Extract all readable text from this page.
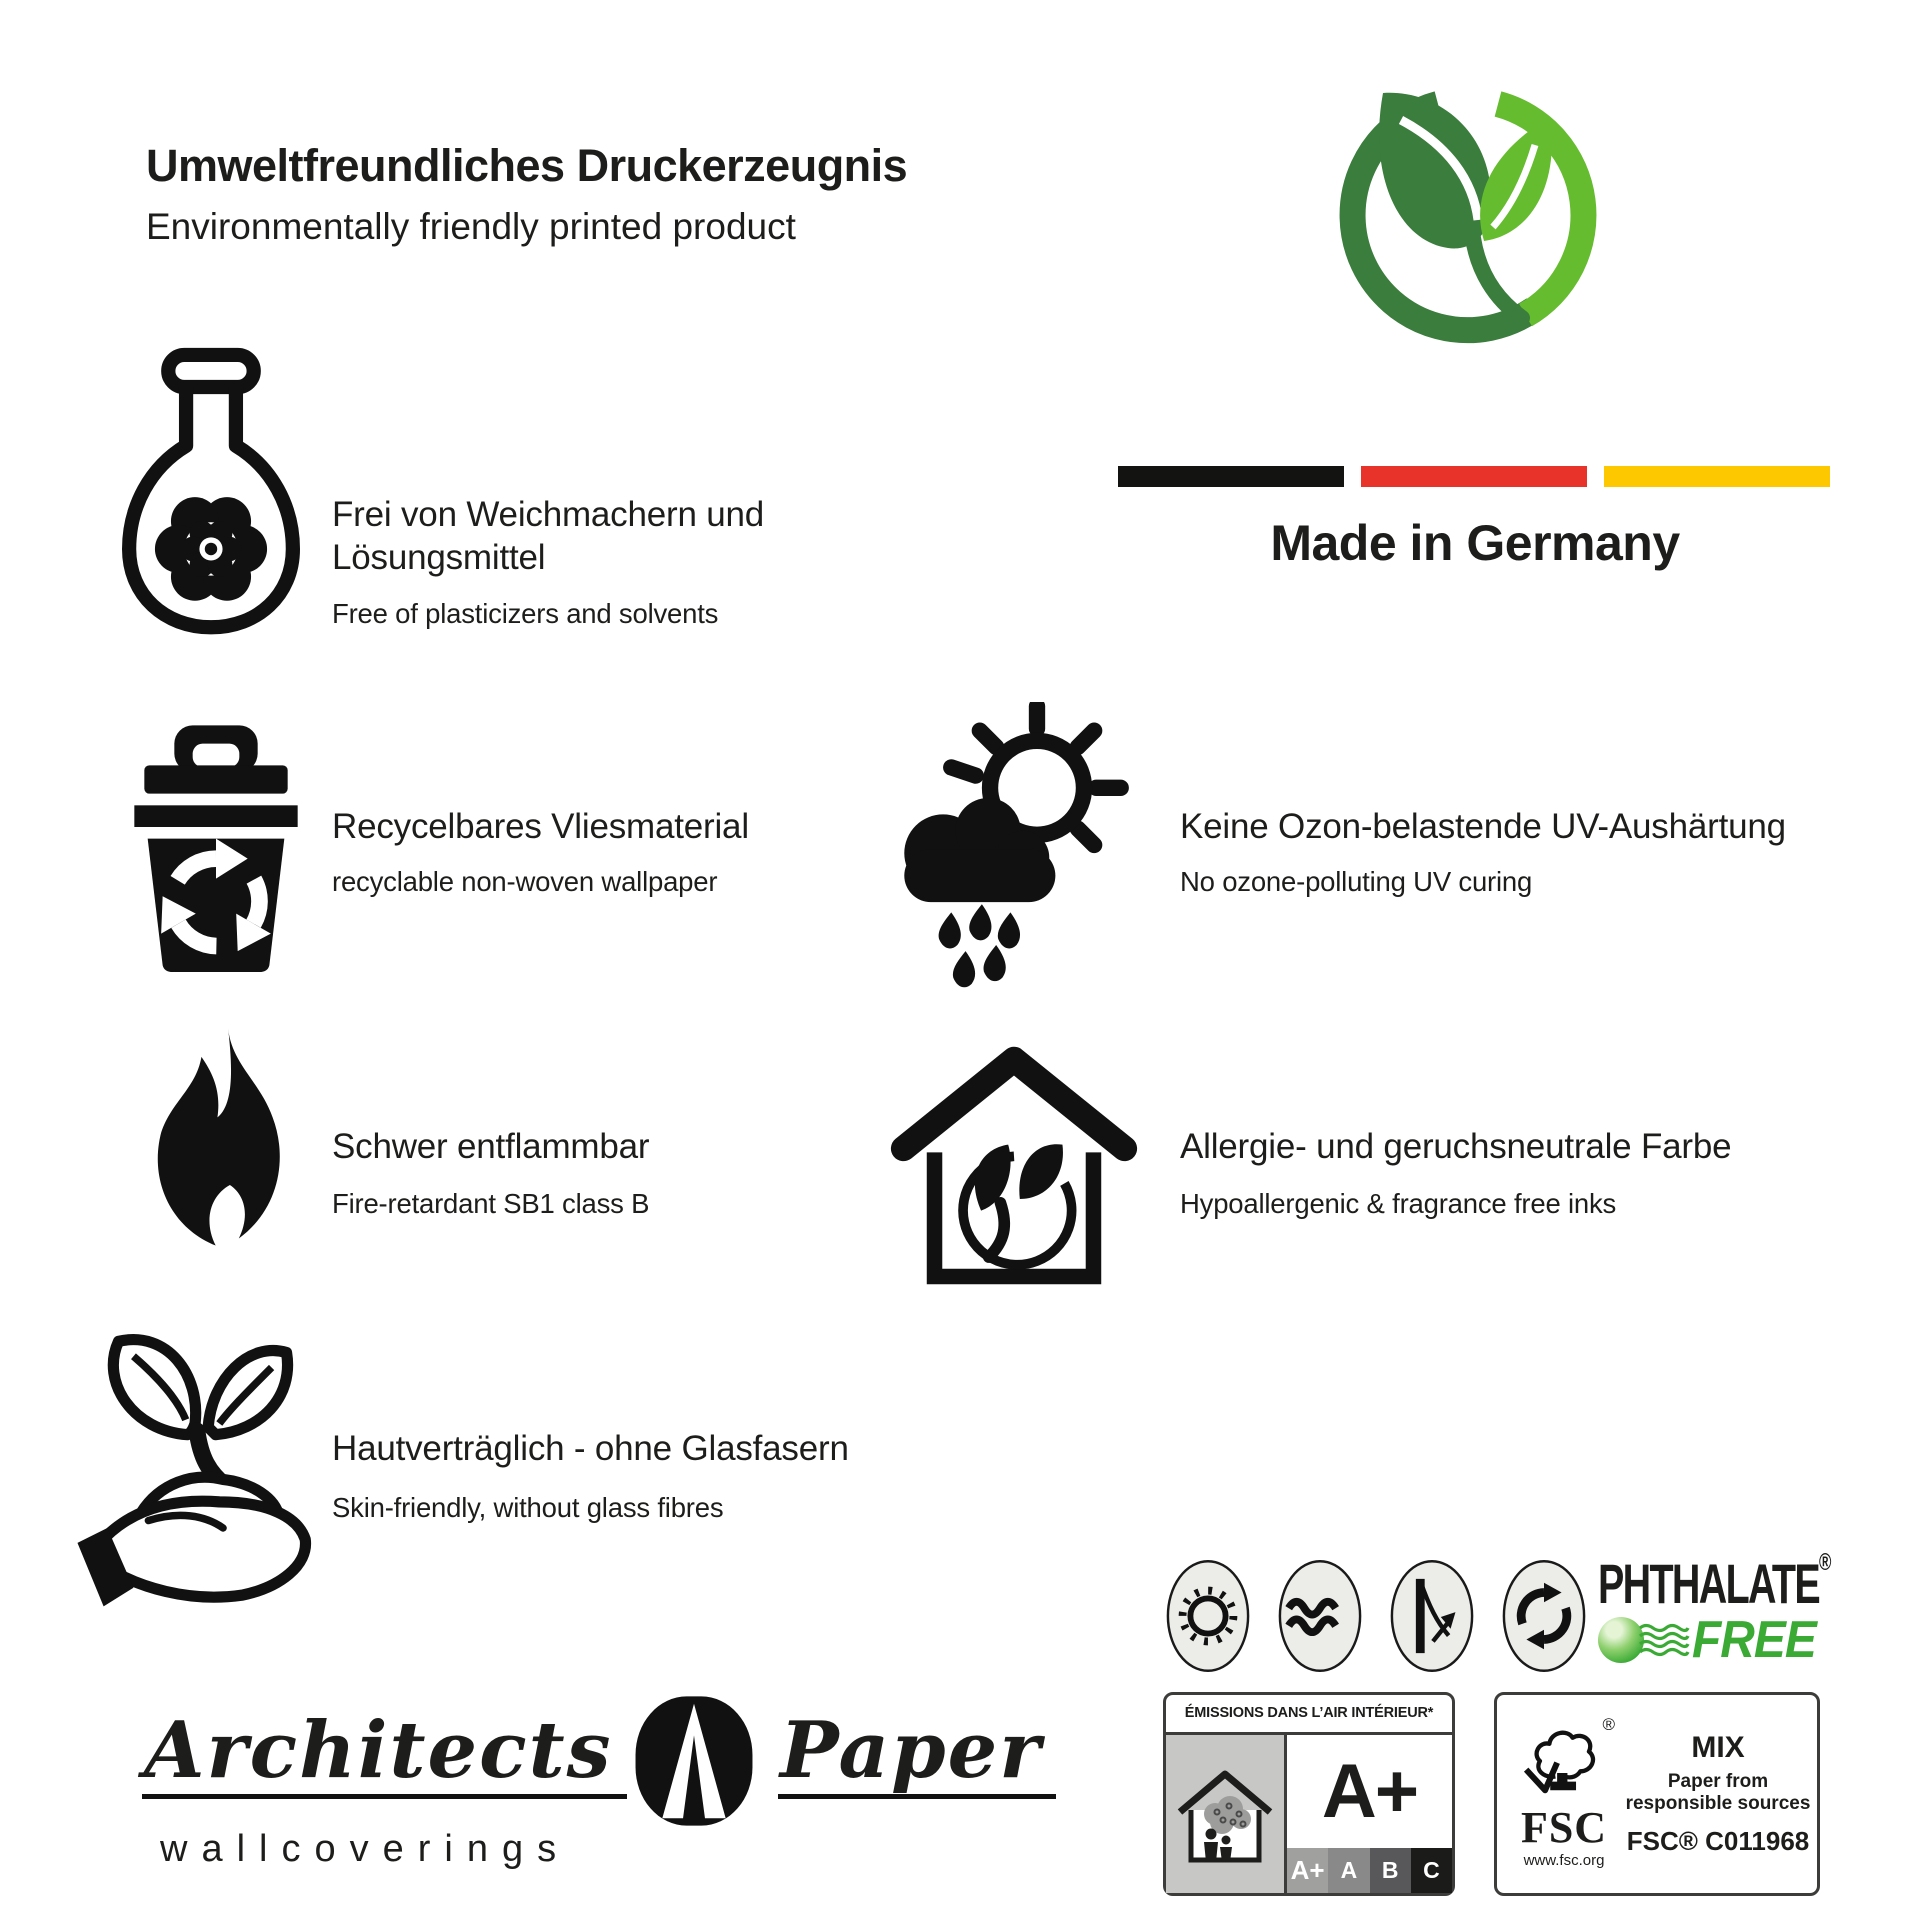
Umweltfreundliches Druckerzeugnis
Environmentally friendly printed product
Made in Germany
Frei von Weichmachern und Lösungsmittel
Free of plasticizers and solvents
Recycelbares Vliesmaterial
recyclable non-woven wallpaper
Keine Ozon-belastende UV-Aushärtung
No ozone-polluting UV curing
Schwer entflammbar
Fire-retardant SB1 class B
Allergie- und geruchsneutrale Farbe
Hypoallergenic & fragrance free inks
Hautverträglich - ohne Glasfasern
Skin-friendly, without glass fibres
Architects Paper
wallcoverings
PHTHALATE®
FREE
ÉMISSIONS DANS L’AIR INTÉRIEUR*
A+
A+ A	B	C
®
FSC
www.fsc.org
MIX
Paper from
responsible sources
FSC® C011968
